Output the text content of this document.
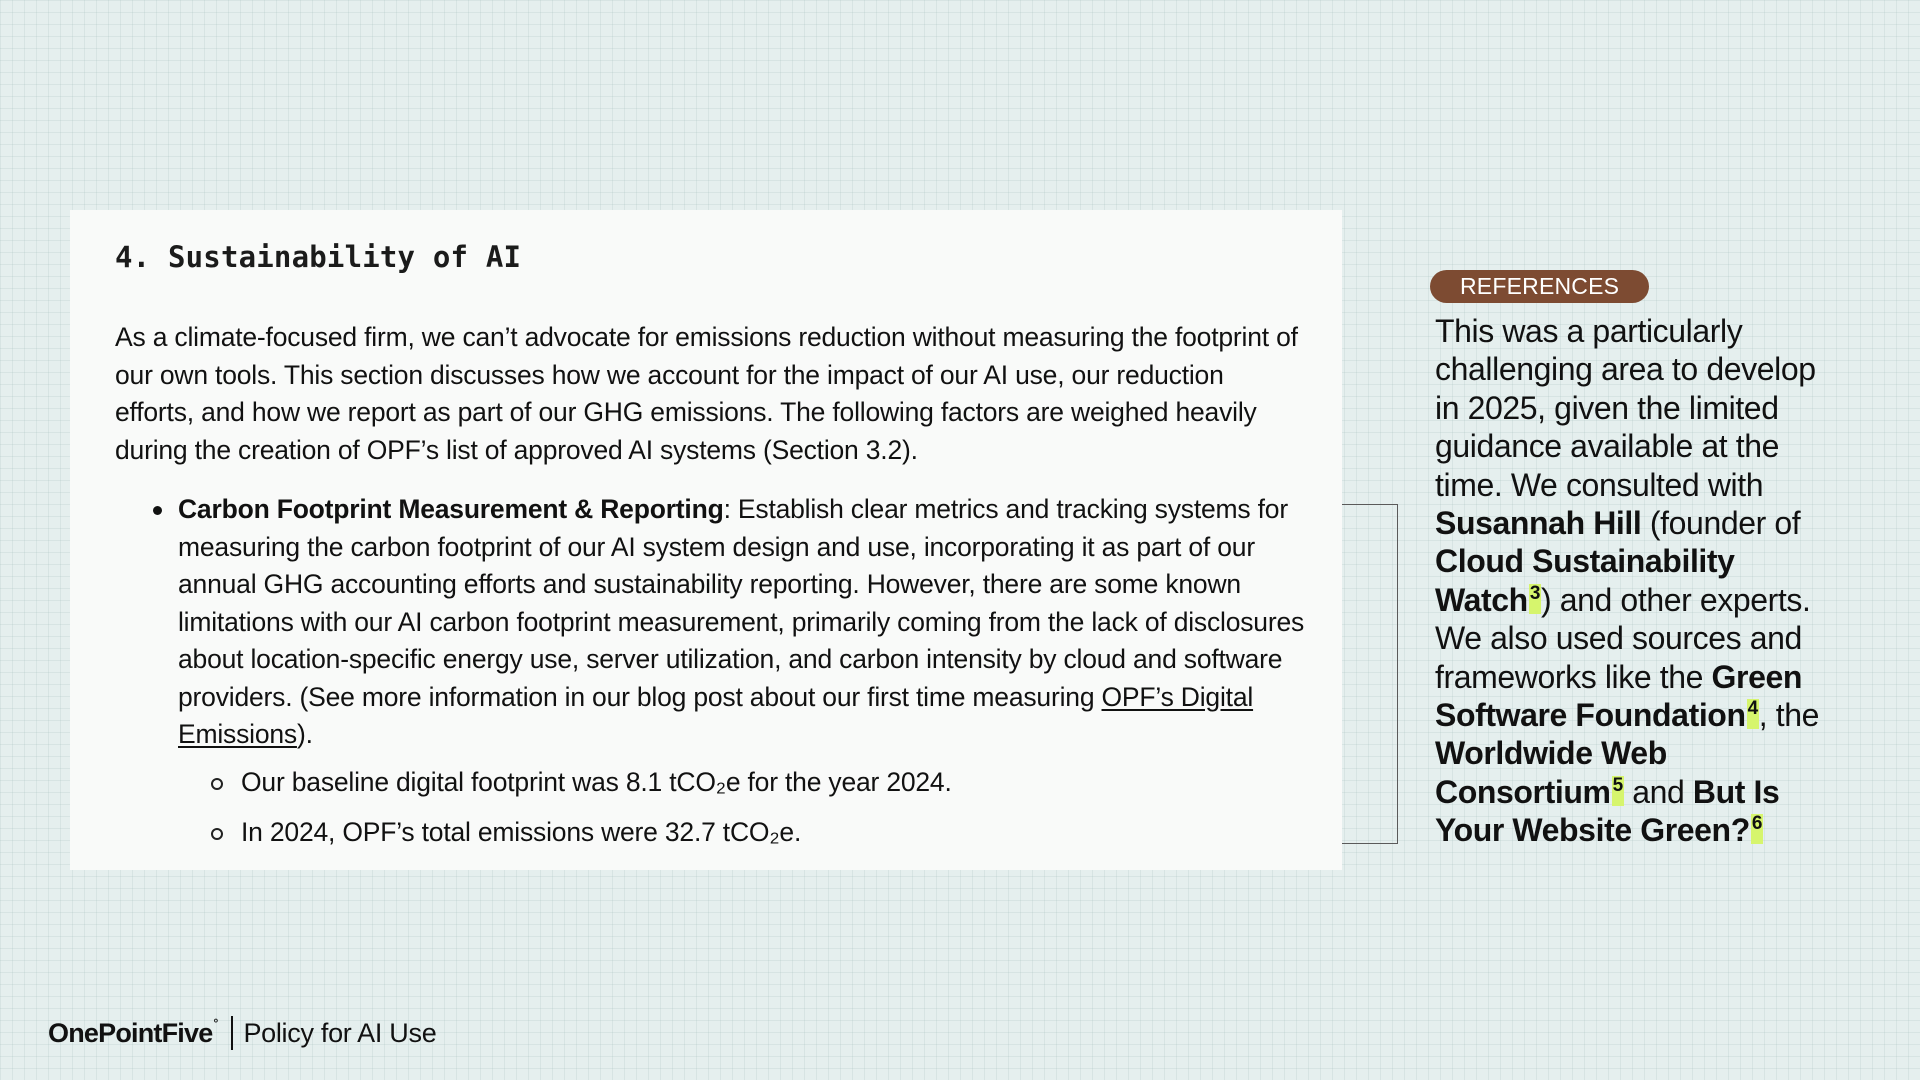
4. Sustainability of AI

As a climate-focused firm, we can’t advocate for emissions reduction without measuring the footprint of our own tools. This section discusses how we account for the impact of our AI use, our reduction efforts, and how we report as part of our GHG emissions. The following factors are weighed heavily during the creation of OPF’s list of approved AI systems (Section 3.2).

Carbon Footprint Measurement & Reporting: Establish clear metrics and tracking systems for measuring the carbon footprint of our AI system design and use, incorporating it as part of our annual GHG accounting efforts and sustainability reporting. However, there are some known limitations with our AI carbon footprint measurement, primarily coming from the lack of disclosures about location-specific energy use, server utilization, and carbon intensity by cloud and software providers. (See more information in our blog post about our first time measuring OPF’s Digital Emissions).
Our baseline digital footprint was 8.1 tCO₂e for the year 2024.
In 2024, OPF’s total emissions were 32.7 tCO₂e.
REFERENCES
This was a particularly challenging area to develop in 2025, given the limited guidance available at the time. We consulted with Susannah Hill (founder of Cloud Sustainability Watch 3) and other experts. We also used sources and frameworks like the Green Software Foundation 4, the Worldwide Web Consortium 5 and But Is Your Website Green? 6
OnePointFive ° Policy for AI Use
